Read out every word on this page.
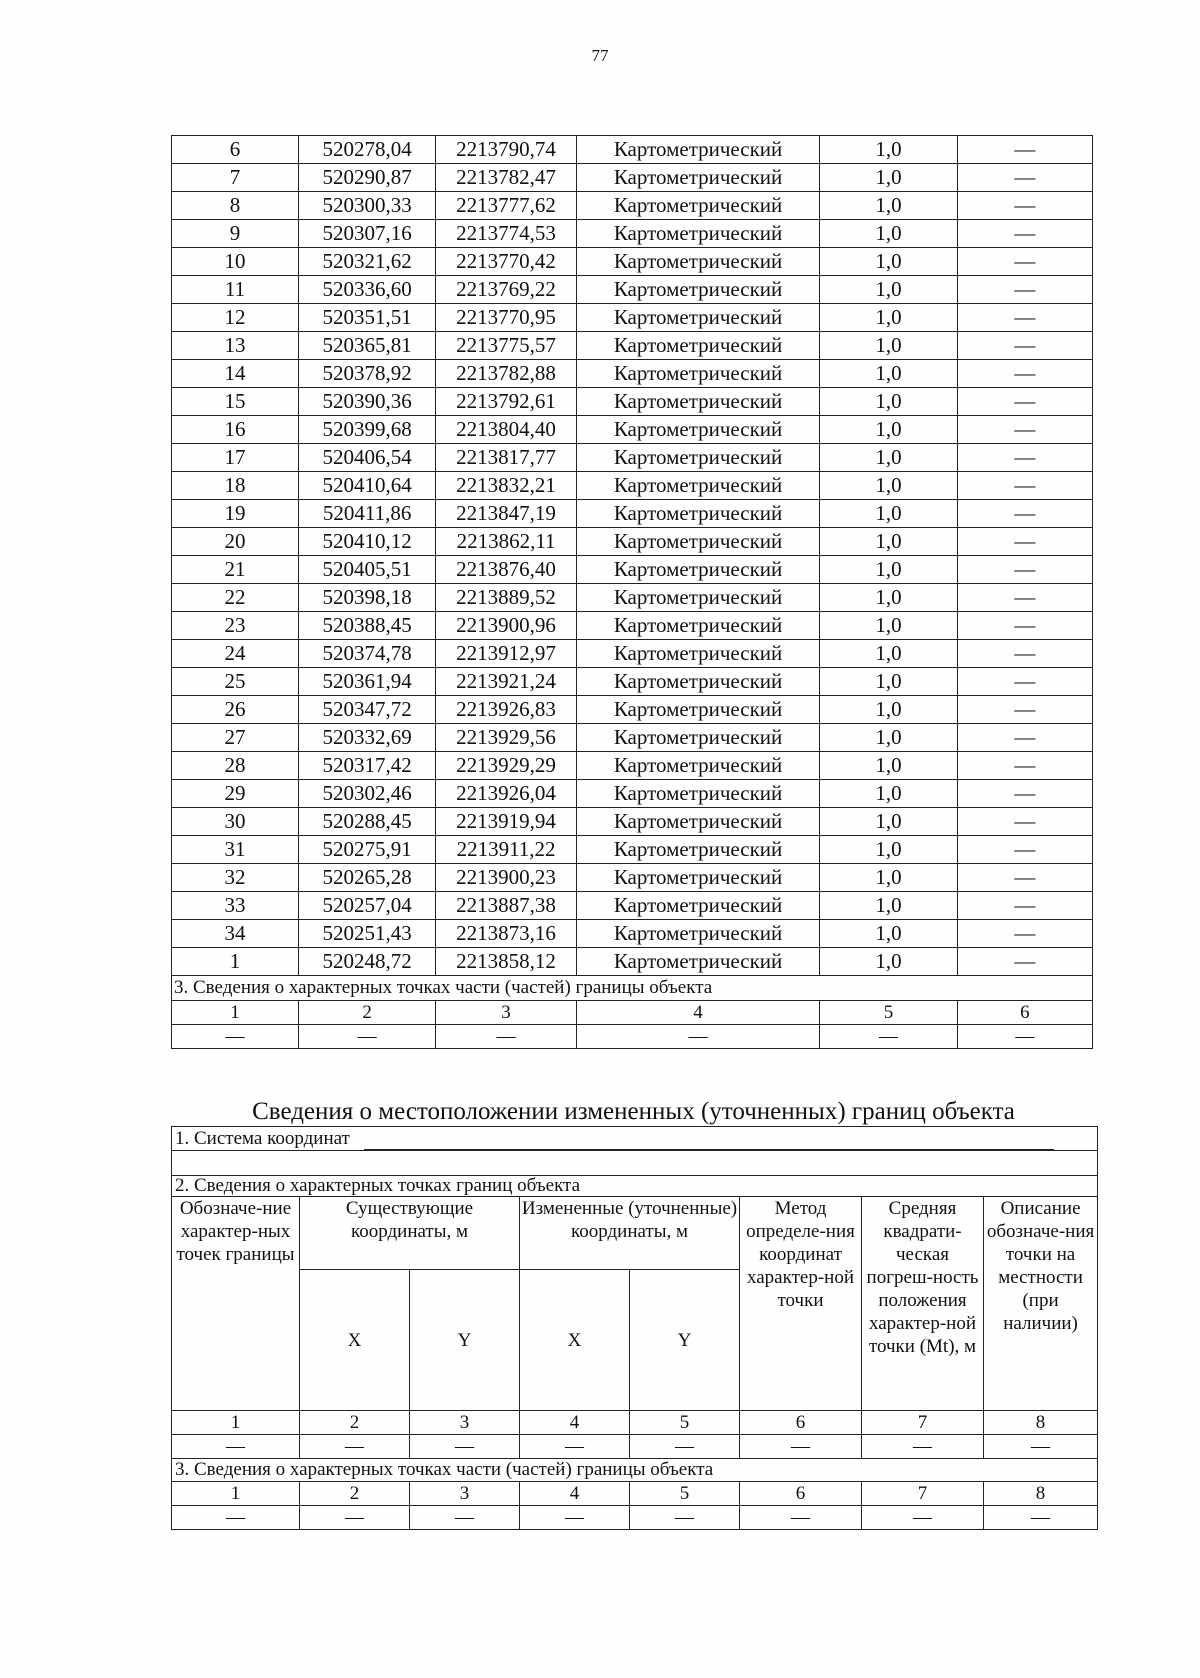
77
6	520278,04	2213790,74	Картометрический	1,0	—
7	520290,87	2213782,47	Картометрический	1,0	—
8	520300,33	2213777,62	Картометрический	1,0	—
9	520307,16	2213774,53	Картометрический	1,0	—
10	520321,62	2213770,42	Картометрический	1,0	—
11	520336,60	2213769,22	Картометрический	1,0	—
12	520351,51	2213770,95	Картометрический	1,0	—
13	520365,81	2213775,57	Картометрический	1,0	—
14	520378,92	2213782,88	Картометрический	1,0	—
15	520390,36	2213792,61	Картометрический	1,0	—
16	520399,68	2213804,40	Картометрический	1,0	—
17	520406,54	2213817,77	Картометрический	1,0	—
18	520410,64	2213832,21	Картометрический	1,0	—
19	520411,86	2213847,19	Картометрический	1,0	—
20	520410,12	2213862,11	Картометрический	1,0	—
21	520405,51	2213876,40	Картометрический	1,0	—
22	520398,18	2213889,52	Картометрический	1,0	—
23	520388,45	2213900,96	Картометрический	1,0	—
24	520374,78	2213912,97	Картометрический	1,0	—
25	520361,94	2213921,24	Картометрический	1,0	—
26	520347,72	2213926,83	Картометрический	1,0	—
27	520332,69	2213929,56	Картометрический	1,0	—
28	520317,42	2213929,29	Картометрический	1,0	—
29	520302,46	2213926,04	Картометрический	1,0	—
30	520288,45	2213919,94	Картометрический	1,0	—
31	520275,91	2213911,22	Картометрический	1,0	—
32	520265,28	2213900,23	Картометрический	1,0	—
33	520257,04	2213887,38	Картометрический	1,0	—
34	520251,43	2213873,16	Картометрический	1,0	—
1	520248,72	2213858,12	Картометрический	1,0	—
3. Сведения о характерных точках части (частей) границы объекта					
1	2	3	4	5	6
—	—	—	—	—	—
Сведения о местоположении измененных (уточненных) границ объекта
1. Система координат							

2. Сведения о характерных точках границ объекта							
Обозначе-ние характер-ных точек границы	Существующие координаты, м		Измененные (уточненные) координаты, м		Метод определе-ния координат характер-ной точки	Средняя квадрати-ческая погреш-ность положения характер-ной точки (Mt), м	Описание обозначе-ния точки на местности (при наличии)
	X	Y	X	Y			
1	2	3	4	5	6	7	8
—	—	—	—	—	—	—	—
3. Сведения о характерных точках части (частей) границы объекта							
1	2	3	4	5	6	7	8
—	—	—	—	—	—	—	—
